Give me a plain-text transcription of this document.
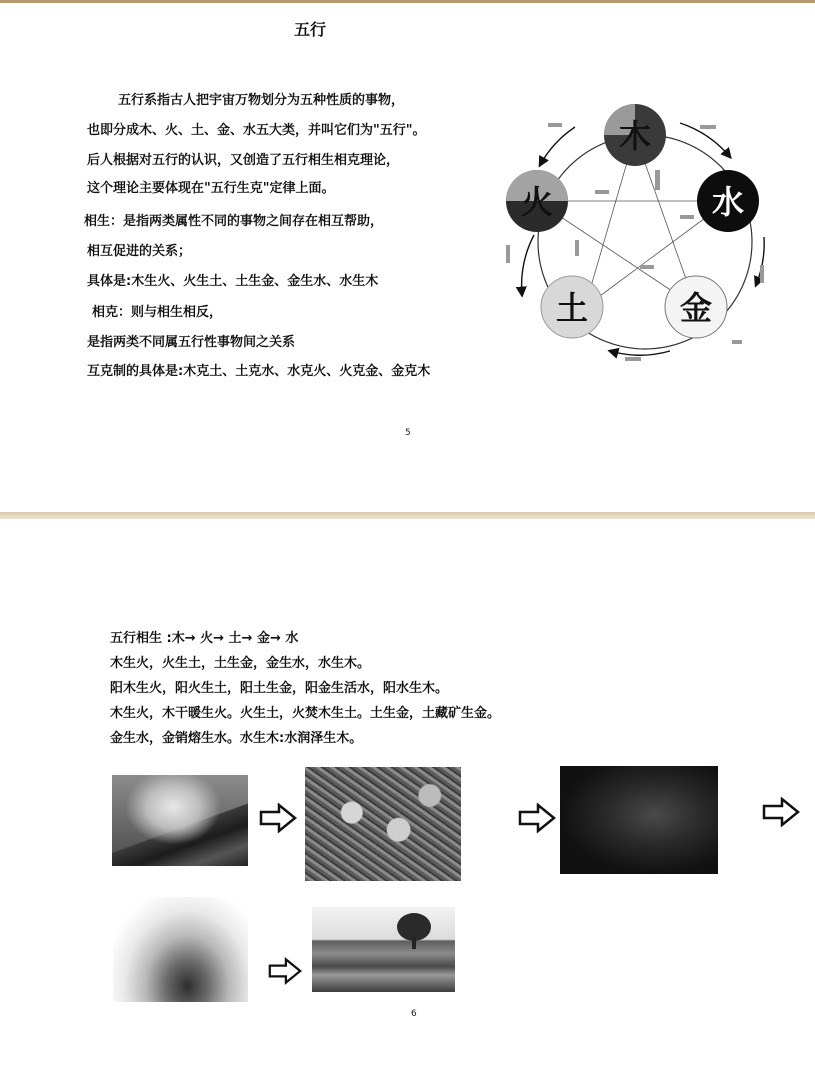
五行
五行系指古人把宇宙万物划分为五种性质的事物，
也即分成木、火、土、金、水五大类，并叫它们为"五行"。
后人根据对五行的认识，又创造了五行相生相克理论，
这个理论主要体现在"五行生克"定律上面。
相生：是指两类属性不同的事物之间存在相互帮助，
相互促进的关系；
具体是:木生火、火生土、土生金、金生水、水生木
相克：则与相生相反，
是指两类不同属五行性事物间之关系
互克制的具体是:木克土、土克水、水克火、火克金、金克木
5
木
水
金
土
火
五行相生 :木→ 火→ 土→ 金→ 水
木生火，火生土，土生金，金生水，水生木。
阳木生火，阳火生土，阳土生金，阳金生活水，阳水生木。
木生火，木干暖生火。火生土，火焚木生土。土生金，土藏矿生金。
金生水，金销熔生水。水生木:水润泽生木。
6
